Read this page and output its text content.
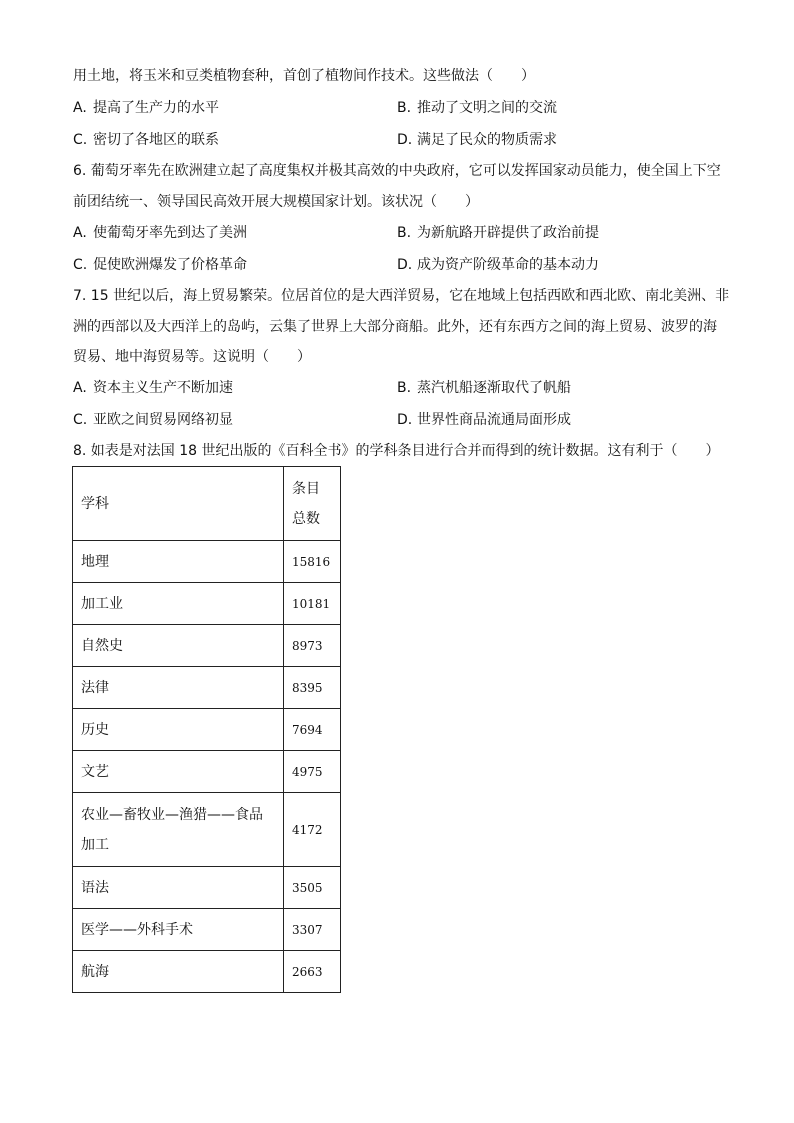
用土地，将玉米和豆类植物套种，首创了植物间作技术。这些做法（　　）
A. 提高了生产力的水平	B. 推动了文明之间的交流
C. 密切了各地区的联系	D. 满足了民众的物质需求
6. 葡萄牙率先在欧洲建立起了高度集权并极其高效的中央政府，它可以发挥国家动员能力，使全国上下空
前团结统一、领导国民高效开展大规模国家计划。该状况（　　）
A. 使葡萄牙率先到达了美洲	B. 为新航路开辟提供了政治前提
C. 促使欧洲爆发了价格革命	D. 成为资产阶级革命的基本动力
7. 15 世纪以后，海上贸易繁荣。位居首位的是大西洋贸易，它在地域上包括西欧和西北欧、南北美洲、非
洲的西部以及大西洋上的岛屿，云集了世界上大部分商船。此外，还有东西方之间的海上贸易、波罗的海
贸易、地中海贸易等。这说明（　　）
A. 资本主义生产不断加速	B. 蒸汽机船逐渐取代了帆船
C. 亚欧之间贸易网络初显	D. 世界性商品流通局面形成
8. 如表是对法国 18 世纪出版的《百科全书》的学科条目进行合并而得到的统计数据。这有利于（　　）
学科	条目
总数

地理	15816
加工业	10181
自然史	8973
法律	8395
历史	7694
文艺	4975

农业—畜牧业—渔猎——食品
加工	4172
语法	3505
医学——外科手术	3307
航海	2663
